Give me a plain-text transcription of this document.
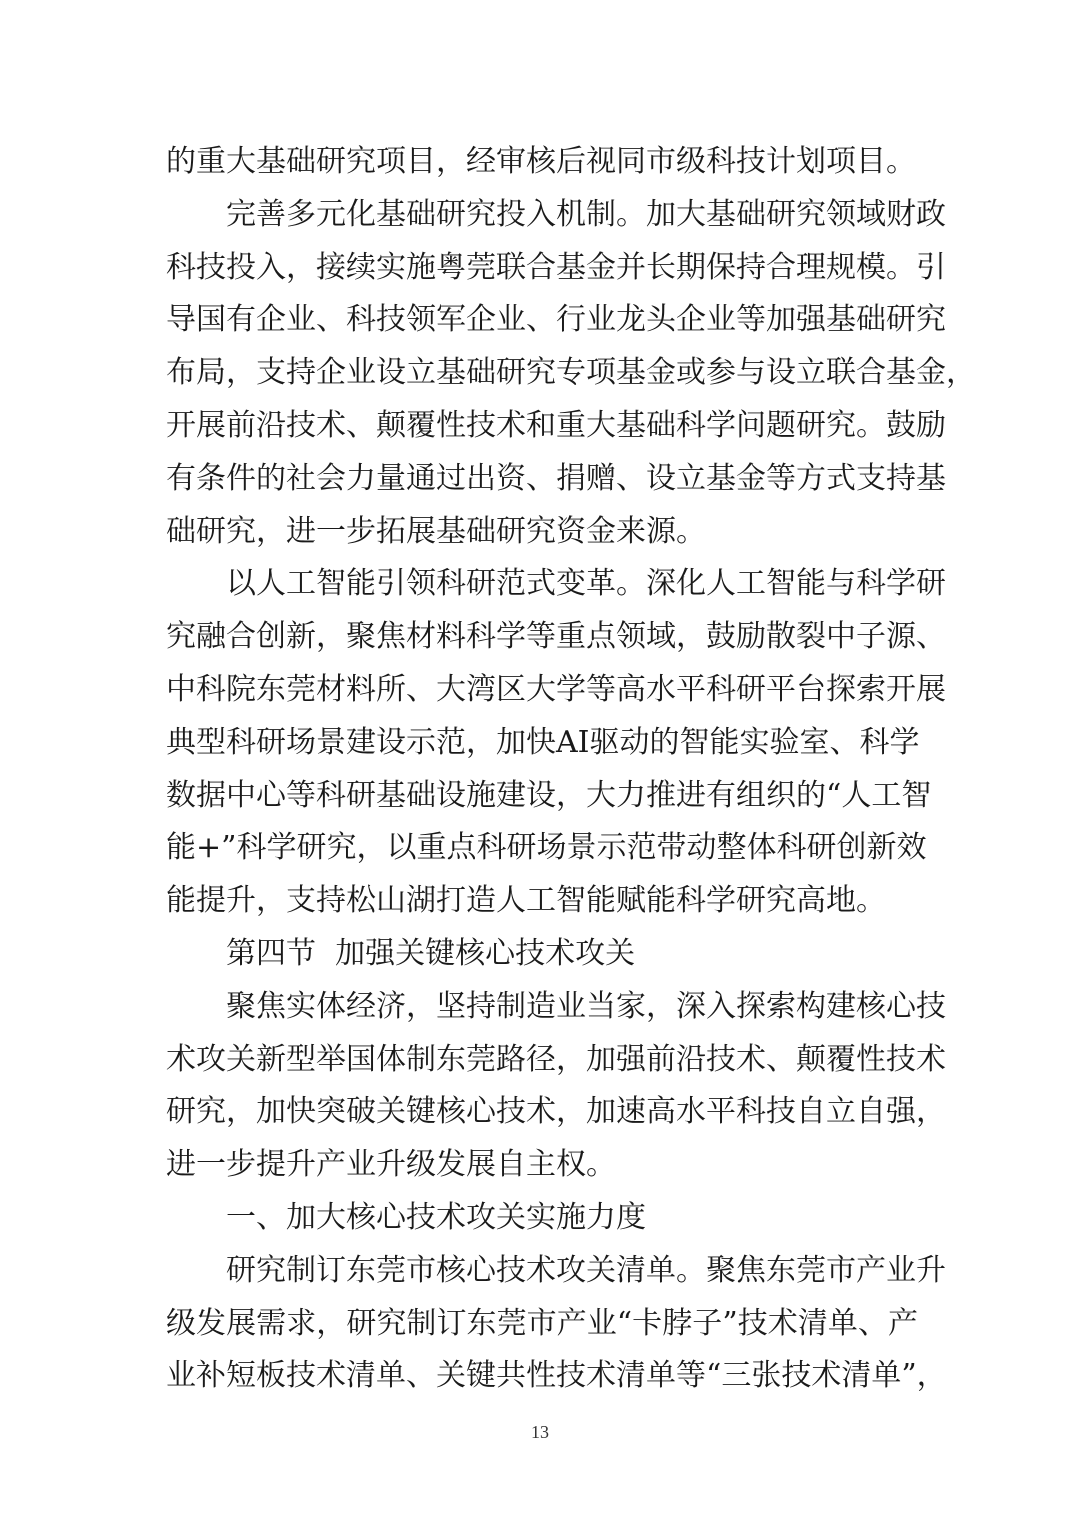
的重大基础研究项目，经审核后视同市级科技计划项目。
完善多元化基础研究投入机制。加大基础研究领域财政
科技投入，接续实施粤莞联合基金并长期保持合理规模。引
导国有企业、科技领军企业、行业龙头企业等加强基础研究
布局，支持企业设立基础研究专项基金或参与设立联合基金，
开展前沿技术、颠覆性技术和重大基础科学问题研究。鼓励
有条件的社会力量通过出资、捐赠、设立基金等方式支持基
础研究，进一步拓展基础研究资金来源。
以人工智能引领科研范式变革。深化人工智能与科学研
究融合创新，聚焦材料科学等重点领域，鼓励散裂中子源、
中科院东莞材料所、大湾区大学等高水平科研平台探索开展
典型科研场景建设示范，加快AI驱动的智能实验室、科学
数据中心等科研基础设施建设，大力推进有组织的“人工智
能+”科学研究，以重点科研场景示范带动整体科研创新效
能提升，支持松山湖打造人工智能赋能科学研究高地。
第四节  加强关键核心技术攻关
聚焦实体经济，坚持制造业当家，深入探索构建核心技
术攻关新型举国体制东莞路径，加强前沿技术、颠覆性技术
研究，加快突破关键核心技术，加速高水平科技自立自强，
进一步提升产业升级发展自主权。
一、加大核心技术攻关实施力度
研究制订东莞市核心技术攻关清单。聚焦东莞市产业升
级发展需求，研究制订东莞市产业“卡脖子”技术清单、产
业补短板技术清单、关键共性技术清单等“三张技术清单”，
13
